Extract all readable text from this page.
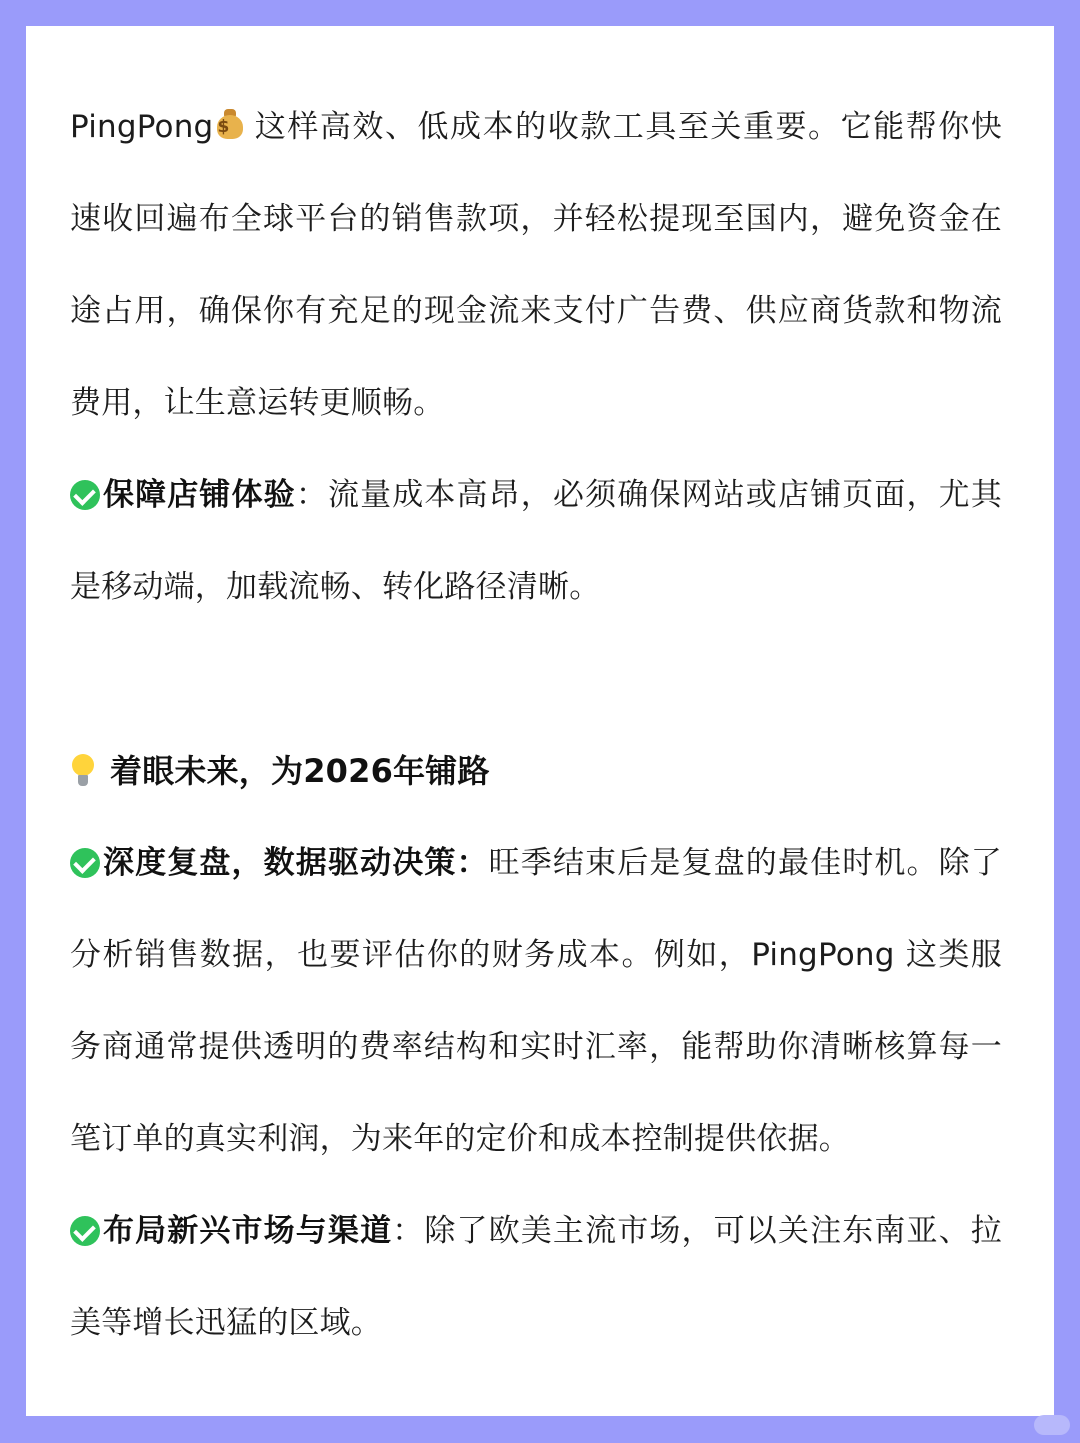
PingPong $ 这样高效、低成本的收款工具至关重要。它能帮你快
速收回遍布全球平台的销售款项，并轻松提现至国内，避免资金在
途占用，确保你有充足的现金流来支付广告费、供应商货款和物流
费用，让生意运转更顺畅。
保障店铺体验：流量成本高昂，必须确保网站或店铺页面，尤其
是移动端，加载流畅、转化路径清晰。
着眼未来，为2026年铺路
深度复盘，数据驱动决策：旺季结束后是复盘的最佳时机。除了
分析销售数据，也要评估你的财务成本。例如，PingPong 这类服
务商通常提供透明的费率结构和实时汇率，能帮助你清晰核算每一
笔订单的真实利润，为来年的定价和成本控制提供依据。
布局新兴市场与渠道：除了欧美主流市场，可以关注东南亚、拉
美等增长迅猛的区域。
